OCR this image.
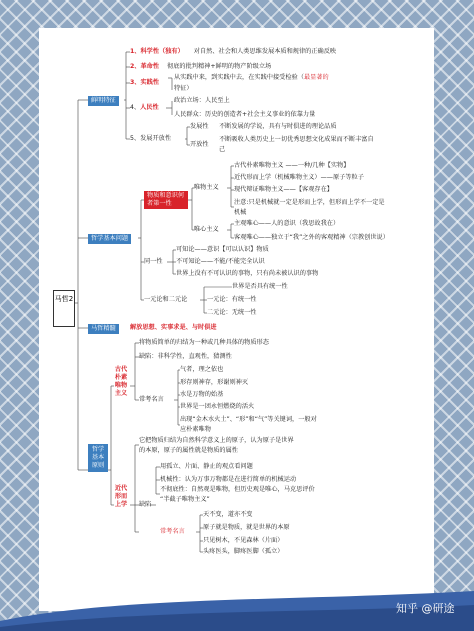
马哲2
鲜明特征
1、科学性（独有） 对自然、社会和人类思维发展本质和规律的正确反映
2、革命性 彻底的批判精神+鲜明的物产阶级立场
3、实践性
从实践中来，到实践中去，在实践中接受检验（最显著的
特征）
4、人民性
政治立场：人民至上
人民群众：历史的创造者+社会主义事业的依靠力量
5、发展开放性
发展性 不断发展的学说，具有与时俱进的理论品质
开放性
不断吸收人类历史上一切优秀思想文化成果而不断丰富自
己
哲学基本问题
物质和意识何者第一性
唯物主义
古代朴素唯物主义 ——一种/几种【实物】
近代形而上学（机械唯物主义）——原子等粒子
现代辩证唯物主义——【客观存在】
注意:只是机械就一定是形而上学，但形而上学不一定是
机械
唯心主义
主观唯心——人的意识（我思故我在）
客观唯心——独立于“我”之外的客观精神（宗教创世说）
同一性
可知论——意识【可以认识】物质
不可知论——不能/不能完全认识
世界上没有不可认识的事物，只有尚未被认识的事物
一元论和二元论
世界是否具有统一性
一元论：有统一性
二元论：无统一性
马哲精髓	解放思想、实事求是、与时俱进
哲学基本原则
古代朴素唯物主义
将物质简单的归结为一种或几种具体的物质形态
缺陷：非科学性，直观性，猜测性
常考名言
气者，理之依也
形存则神存，形谢则神灭
水是万物的始基
世界是一团永恒燃烧的活火
出现“金木水火土”、“形”和“气”等关键词，一般对
应朴素唯物
近代形而上学
它把物质归结为自然科学意义上的原子，认为原子是世界
的本原，原子的属性就是物质的属性
缺陷
用孤立、片面、静止的观点看问题
机械性：认为万事万物都是在进行简单的机械运动
不彻底性：自然观是唯物，但历史观是唯心，马克思评价
“半截子唯物主义”
常考名言
天不变，道亦不变
原子就是物质，就是世界的本原
只见树木，不见森林（片面）
头疼医头，脚疼医脚（孤立）
知乎 @研途
